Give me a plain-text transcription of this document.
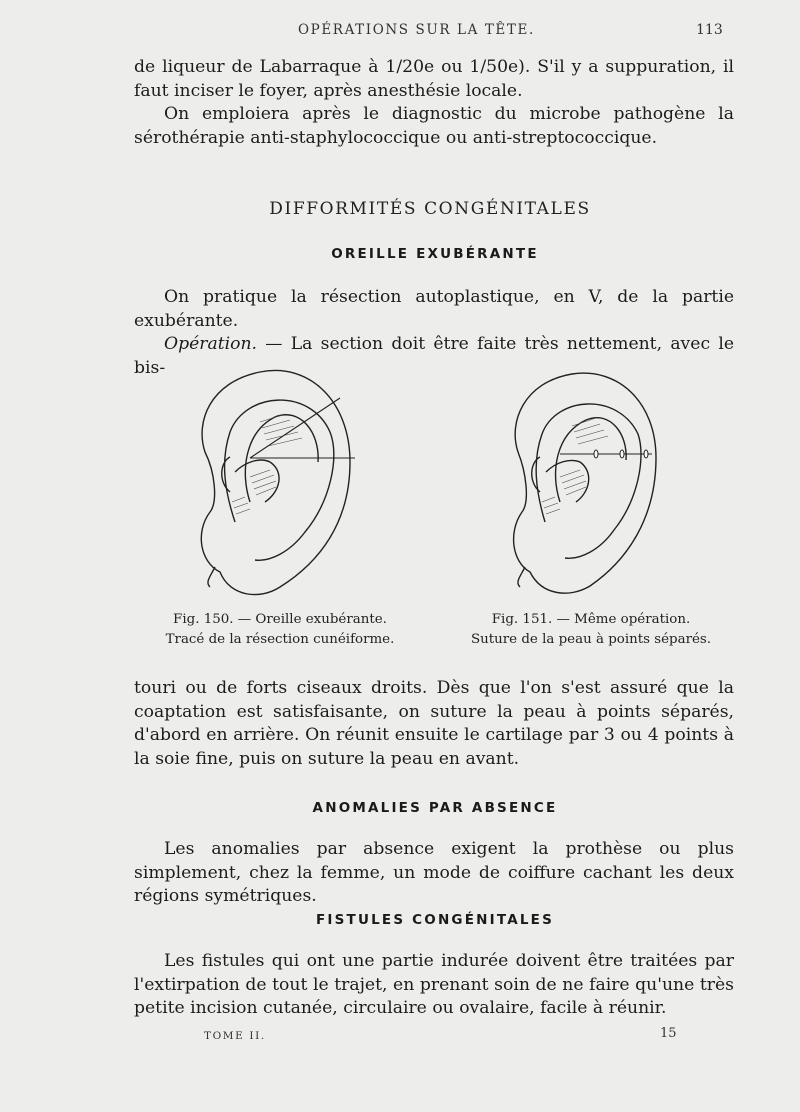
OPÉRATIONS SUR LA TÊTE.	113

de liqueur de Labarraque à 1/20e ou 1/50e). S'il y a suppuration, il faut inciser le foyer, après anesthésie locale.

On emploiera après le diagnostic du microbe pathogène la sérothérapie anti-staphylococcique ou anti-streptococcique.

DIFFORMITÉS CONGÉNITALES
OREILLE EXUBÉRANTE

On pratique la résection autoplastique, en V, de la partie exubérante.

Opération. — La section doit être faite très nettement, avec le bis-

Fig. 150. — Oreille exubérante.
Tracé de la résection cunéiforme.
Fig. 151. — Même opération.
Suture de la peau à points séparés.

touri ou de forts ciseaux droits. Dès que l'on s'est assuré que la coaptation est satisfaisante, on suture la peau à points séparés, d'abord en arrière. On réunit ensuite le cartilage par 3 ou 4 points à la soie fine, puis on suture la peau en avant.

ANOMALIES PAR ABSENCE

Les anomalies par absence exigent la prothèse ou plus simplement, chez la femme, un mode de coiffure cachant les deux régions symétriques.

FISTULES CONGÉNITALES

Les fistules qui ont une partie indurée doivent être traitées par l'extirpation de tout le trajet, en prenant soin de ne faire qu'une très petite incision cutanée, circulaire ou ovalaire, facile à réunir.

TOME II.	15
